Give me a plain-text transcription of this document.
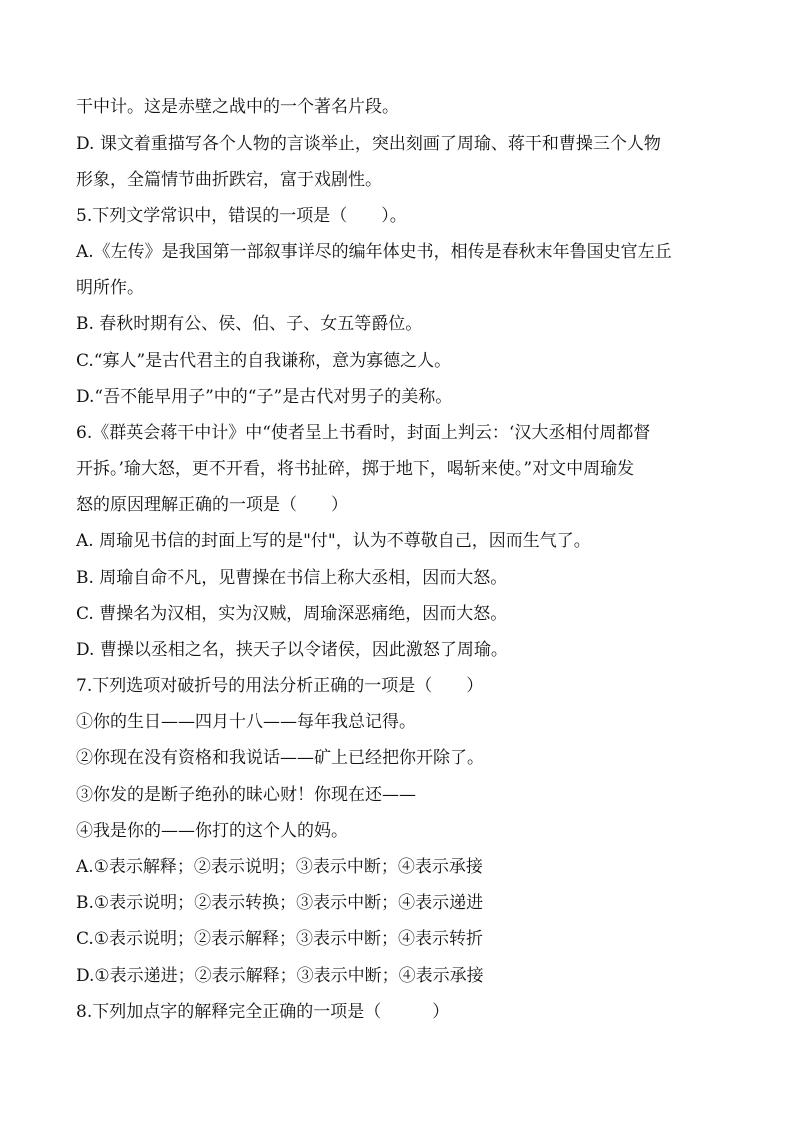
干中计。这是赤壁之战中的一个著名片段。
D. 课文着重描写各个人物的言谈举止，突出刻画了周瑜、蒋干和曹操三个人物
形象，全篇情节曲折跌宕，富于戏剧性。
5.下列文学常识中，错误的一项是（　　）。
A.《左传》是我国第一部叙事详尽的编年体史书，相传是春秋末年鲁国史官左丘
明所作。
B. 春秋时期有公、侯、伯、子、女五等爵位。
C.“寡人”是古代君主的自我谦称，意为寡德之人。
D.“吾不能早用子”中的“子”是古代对男子的美称。
6.《群英会蒋干中计》中“使者呈上书看时，封面上判云：‘汉大丞相付周都督
开拆。’瑜大怒，更不开看，将书扯碎，掷于地下，喝斩来使。”对文中周瑜发
怒的原因理解正确的一项是（　　）
A. 周瑜见书信的封面上写的是"付"，认为不尊敬自己，因而生气了。
B. 周瑜自命不凡，见曹操在书信上称大丞相，因而大怒。
C. 曹操名为汉相，实为汉贼，周瑜深恶痛绝，因而大怒。
D. 曹操以丞相之名，挟天子以令诸侯，因此激怒了周瑜。
7.下列选项对破折号的用法分析正确的一项是（　　）
①你的生日——四月十八——每年我总记得。
②你现在没有资格和我说话——矿上已经把你开除了。
③你发的是断子绝孙的昧心财！你现在还——
④我是你的——你打的这个人的妈。
A.①表示解释；②表示说明；③表示中断；④表示承接
B.①表示说明；②表示转换；③表示中断；④表示递进
C.①表示说明；②表示解释；③表示中断；④表示转折
D.①表示递进；②表示解释；③表示中断；④表示承接
8.下列加点字的解释完全正确的一项是（　　　）
